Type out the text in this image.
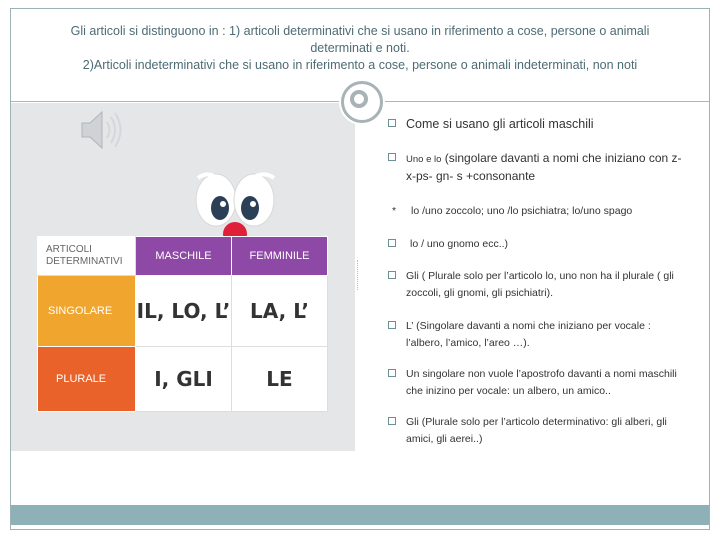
Gli articoli si distinguono in : 1) articoli determinativi che si usano in riferimento a cose, persone o animali
determinati e noti.
2)Articoli indeterminativi che si usano in riferimento a cose, persone o animali indeterminati, non noti
ARTICOLI
DETERMINATIVI	MASCHILE	FEMMINILE
SINGOLARE	IL, LO, L’	LA, L’
PLURALE	I, GLI	LE
Come si usano gli articoli maschili
Uno e lo (singolare davanti a nomi che iniziano con z- x-ps- gn- s +consonante
* lo /uno zoccolo; uno /lo psichiatra; lo/uno spago
lo / uno gnomo ecc..)
Gli ( Plurale solo per l’articolo lo, uno non ha il plurale ( gli zoccoli, gli gnomi, gli psichiatri).
L’ (Singolare davanti a nomi che iniziano per vocale : l’albero, l’amico, l’areo …).
Un singolare non vuole l’apostrofo davanti a nomi maschili che inizino per vocale: un albero, un amico..
Gli (Plurale solo per l’articolo determinativo: gli alberi, gli amici, gli aerei..)
